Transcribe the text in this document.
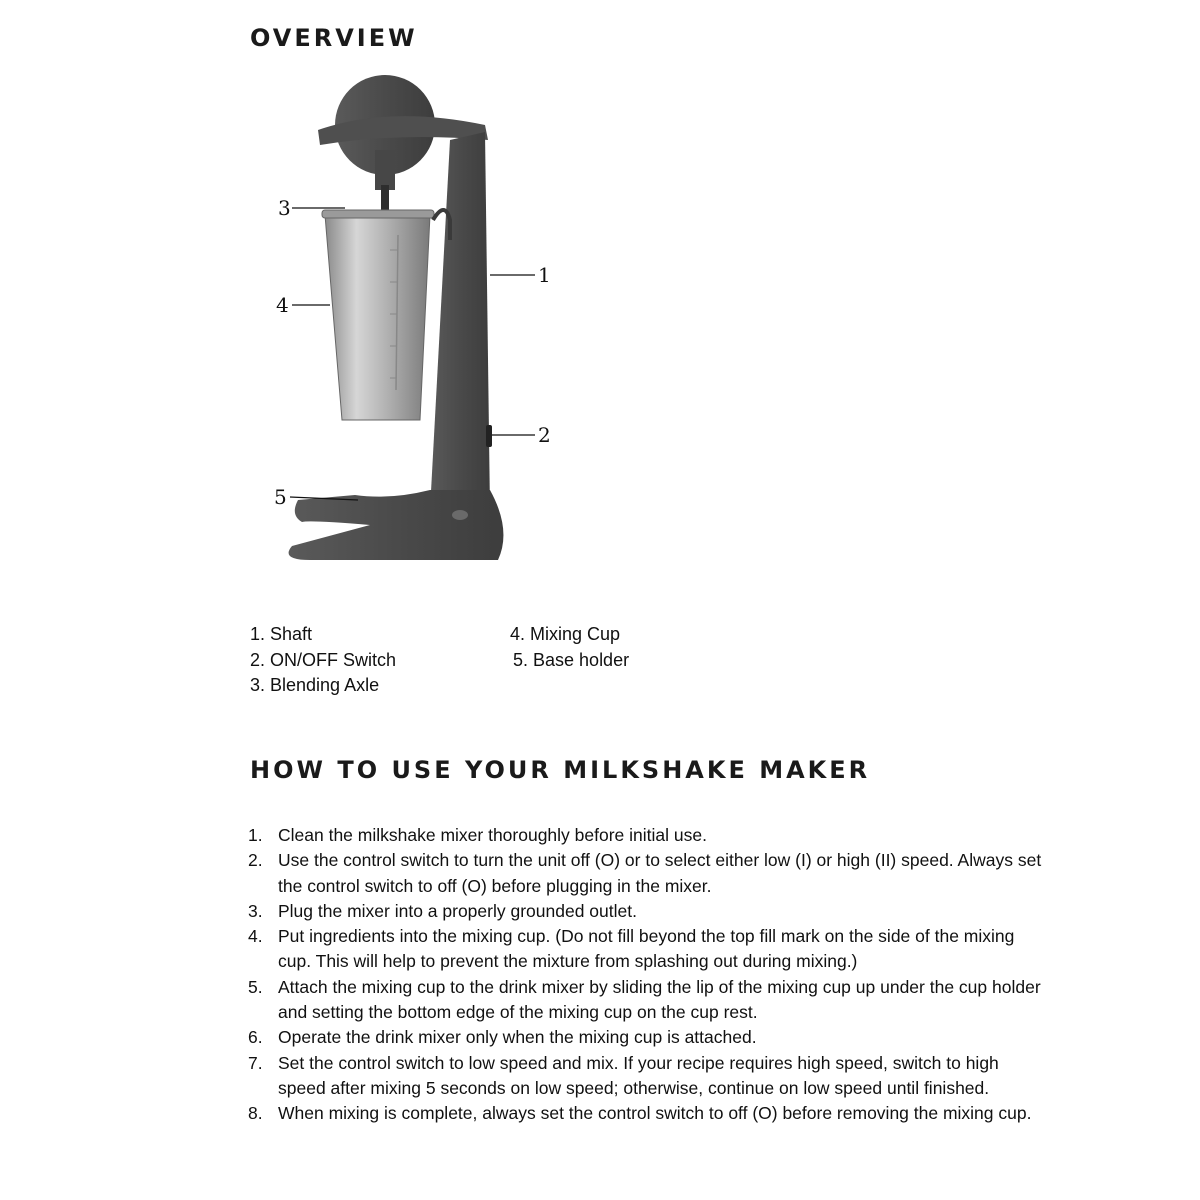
OVERVIEW
1
2
3
4
5
1. Shaft
2. ON/OFF Switch
3. Blending Axle
4. Mixing Cup
5. Base holder
HOW TO USE YOUR MILKSHAKE MAKER
1. Clean the milkshake mixer thoroughly before initial use.
2. Use the control switch to turn the unit off (O) or to select either low (I) or high (II) speed. Always set the control switch to off (O) before plugging in the mixer.
3. Plug the mixer into a properly grounded outlet.
4. Put ingredients into the mixing cup. (Do not fill beyond the top fill mark on the side of the mixing cup. This will help to prevent the mixture from splashing out during mixing.)
5. Attach the mixing cup to the drink mixer by sliding the lip of the mixing cup up under the cup holder and setting the bottom edge of the mixing cup on the cup rest.
6. Operate the drink mixer only when the mixing cup is attached.
7. Set the control switch to low speed and mix. If your recipe requires high speed, switch to high speed after mixing 5 seconds on low speed; otherwise, continue on low speed until finished.
8. When mixing is complete, always set the control switch to off (O) before removing the mixing cup.
